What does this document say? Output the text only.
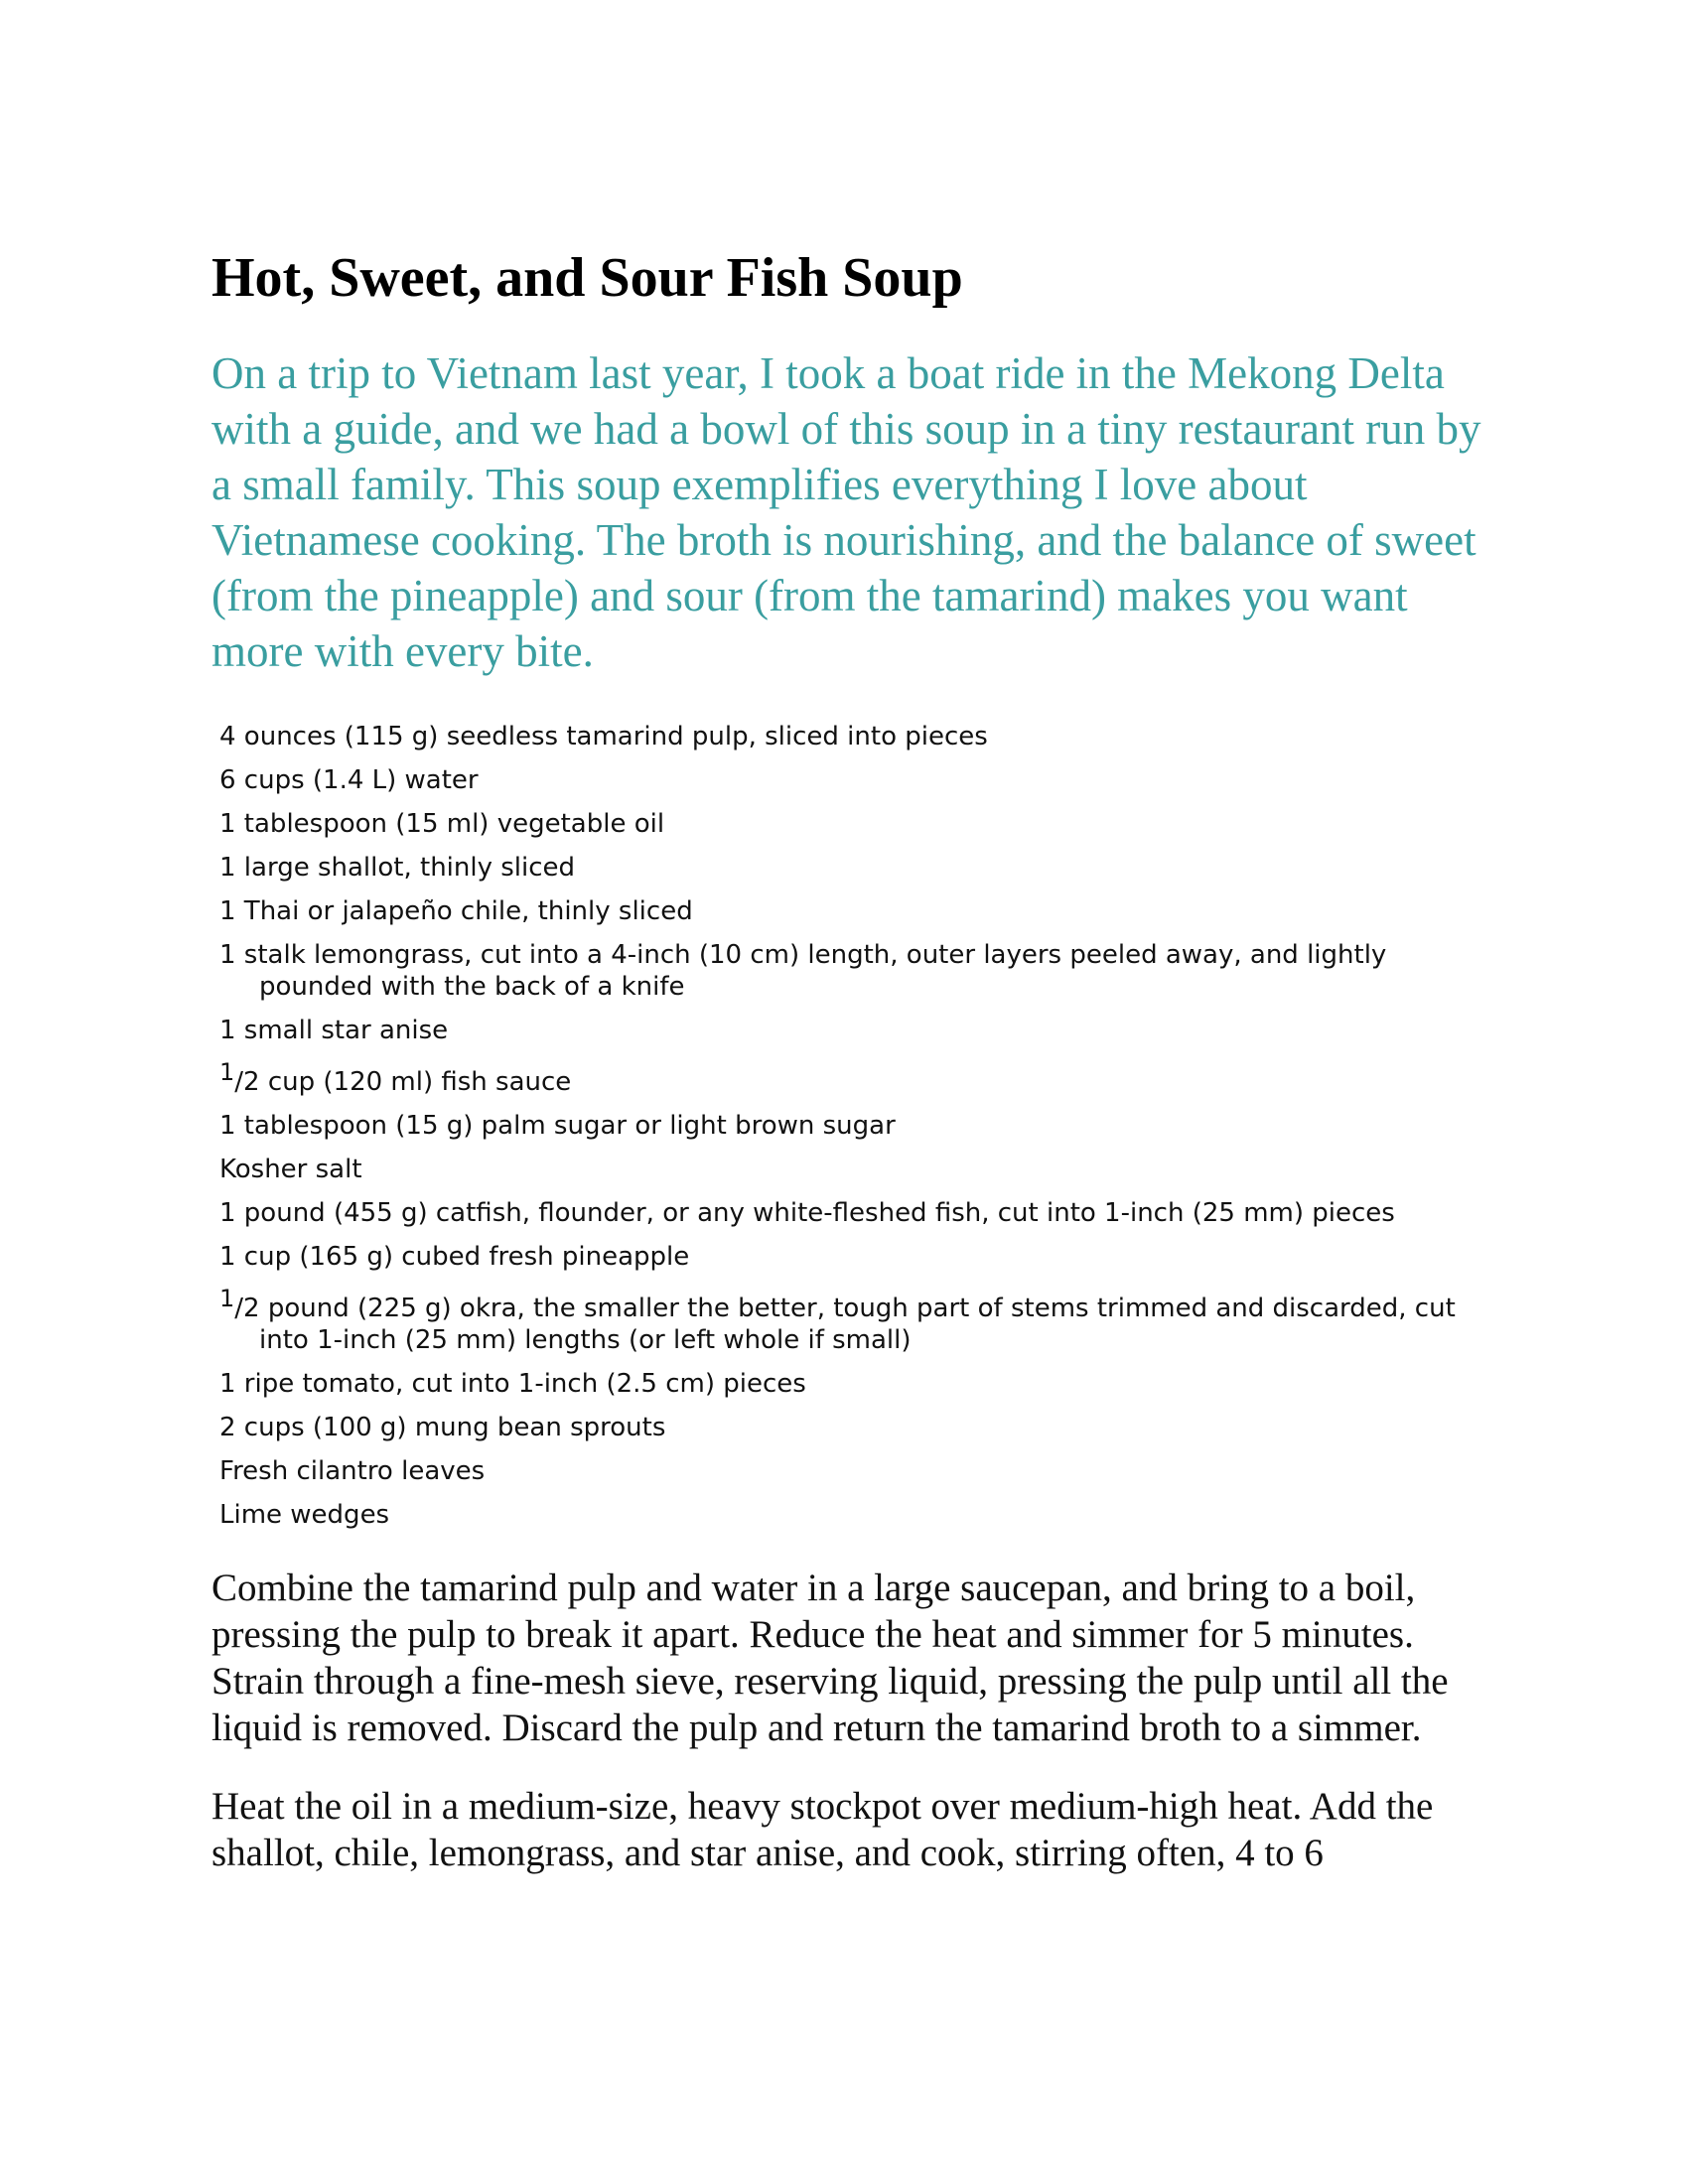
Hot, Sweet, and Sour Fish Soup

On a trip to Vietnam last year, I took a boat ride in the Mekong Delta with a guide, and we had a bowl of this soup in a tiny restaurant run by a small family. This soup exemplifies everything I love about Vietnamese cooking. The broth is nourishing, and the balance of sweet (from the pineapple) and sour (from the tamarind) makes you want more with every bite.

4 ounces (115 g) seedless tamarind pulp, sliced into pieces
6 cups (1.4 L) water
1 tablespoon (15 ml) vegetable oil
1 large shallot, thinly sliced
1 Thai or jalapeño chile, thinly sliced
1 stalk lemongrass, cut into a 4-inch (10 cm) length, outer layers peeled away, and lightly pounded with the back of a knife
1 small star anise
1/2 cup (120 ml) fish sauce
1 tablespoon (15 g) palm sugar or light brown sugar
Kosher salt
1 pound (455 g) catfish, flounder, or any white-fleshed fish, cut into 1-inch (25 mm) pieces
1 cup (165 g) cubed fresh pineapple
1/2 pound (225 g) okra, the smaller the better, tough part of stems trimmed and discarded, cut into 1-inch (25 mm) lengths (or left whole if small)
1 ripe tomato, cut into 1-inch (2.5 cm) pieces
2 cups (100 g) mung bean sprouts
Fresh cilantro leaves
Lime wedges

Combine the tamarind pulp and water in a large saucepan, and bring to a boil, pressing the pulp to break it apart. Reduce the heat and simmer for 5 minutes. Strain through a fine-mesh sieve, reserving liquid, pressing the pulp until all the liquid is removed. Discard the pulp and return the tamarind broth to a simmer.

Heat the oil in a medium-size, heavy stockpot over medium-high heat. Add the shallot, chile, lemongrass, and star anise, and cook, stirring often, 4 to 6
